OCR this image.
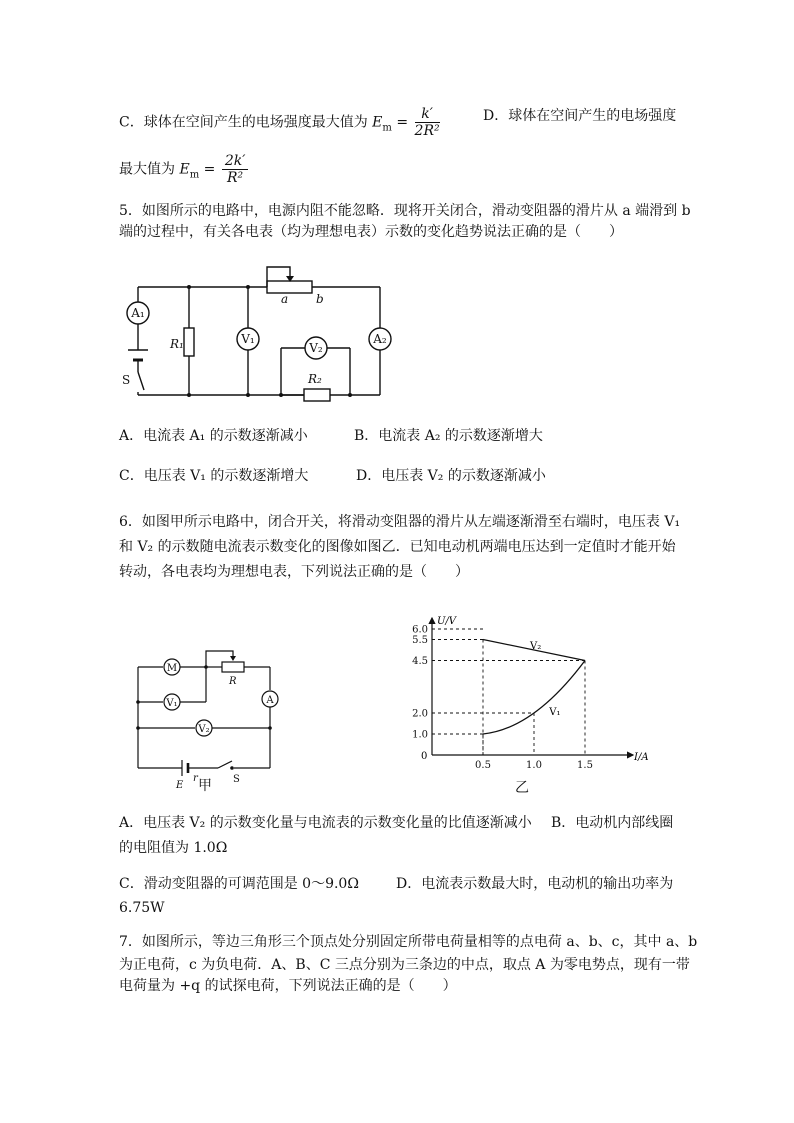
C．球体在空间产生的电场强度最大值为 $E_m = \frac{k'}{\text{2R²}}$	D．球体在空间产生的电场强度
最大值为 $E_m = \frac{2k'}{\text{R²}}$
5．如图所示的电路中，电源内阻不能忽略．现将开关闭合，滑动变阻器的滑片从 a 端滑到 b
端的过程中，有关各电表（均为理想电表）示数的变化趋势说法正确的是（　　）
A₁
A₂
V₁
V₂
R₁
R₂
a b
S
A．电流表 A₁ 的示数逐渐减小	B．电流表 A₂ 的示数逐渐增大
C．电压表 V₁ 的示数逐渐增大	D．电压表 V₂ 的示数逐渐减小
6．如图甲所示电路中，闭合开关，将滑动变阻器的滑片从左端逐渐滑至右端时，电压表 V₁
和 V₂ 的示数随电流表示数变化的图像如图乙．已知电动机两端电压达到一定值时才能开始
转动，各电表均为理想电表，下列说法正确的是（　　）
M
V₁
V₂
A
R
E
r	S
甲
1.0
2.0
4.5
5.5
6.0
0.5	1.0	1.5
U/V
I/A
0
V₂
V₁
乙
A．电压表 V₂ 的示数变化量与电流表的示数变化量的比值逐渐减小 B．电动机内部线圈
的电阻值为 1.0Ω
C．滑动变阻器的可调范围是 0～9.0Ω	D．电流表示数最大时，电动机的输出功率为
6.75W
7．如图所示，等边三角形三个顶点处分别固定所带电荷量相等的点电荷 a、b、c，其中 a、b
为正电荷，c 为负电荷．A、B、C 三点分别为三条边的中点，取点 A 为零电势点，现有一带
电荷量为 +q 的试探电荷，下列说法正确的是（　　）
